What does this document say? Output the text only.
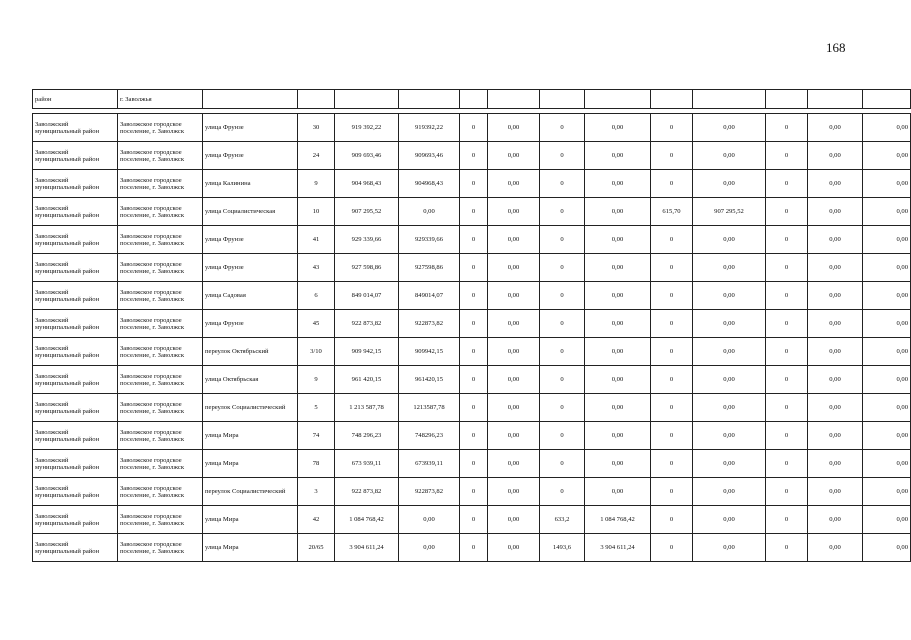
168
район	г. Заволжья													

Заволжский муниципальный район	Заволжское городское поселение, г. Заволжск	улица Фрунзе	30	919 392,22	919392,22	0	0,00	0	0,00	0	0,00	0	0,00	0,00
Заволжский муниципальный район	Заволжское городское поселение, г. Заволжск	улица Фрунзе	24	909 693,46	909693,46	0	0,00	0	0,00	0	0,00	0	0,00	0,00
Заволжский муниципальный район	Заволжское городское поселение, г. Заволжск	улица Калинина	9	904 968,43	904968,43	0	0,00	0	0,00	0	0,00	0	0,00	0,00
Заволжский муниципальный район	Заволжское городское поселение, г. Заволжск	улица Социалистическая	10	907 295,52	0,00	0	0,00	0	0,00	615,70	907 295,52	0	0,00	0,00
Заволжский муниципальный район	Заволжское городское поселение, г. Заволжск	улица Фрунзе	41	929 339,66	929339,66	0	0,00	0	0,00	0	0,00	0	0,00	0,00
Заволжский муниципальный район	Заволжское городское поселение, г. Заволжск	улица Фрунзе	43	927 598,86	927598,86	0	0,00	0	0,00	0	0,00	0	0,00	0,00
Заволжский муниципальный район	Заволжское городское поселение, г. Заволжск	улица Садовая	6	849 014,07	849014,07	0	0,00	0	0,00	0	0,00	0	0,00	0,00
Заволжский муниципальный район	Заволжское городское поселение, г. Заволжск	улица Фрунзе	45	922 873,82	922873,82	0	0,00	0	0,00	0	0,00	0	0,00	0,00
Заволжский муниципальный район	Заволжское городское поселение, г. Заволжск	переулок Октябрьский	3/10	909 942,15	909942,15	0	0,00	0	0,00	0	0,00	0	0,00	0,00
Заволжский муниципальный район	Заволжское городское поселение, г. Заволжск	улица Октябрьская	9	961 420,15	961420,15	0	0,00	0	0,00	0	0,00	0	0,00	0,00
Заволжский муниципальный район	Заволжское городское поселение, г. Заволжск	переулок Социалистический	5	1 213 587,78	1213587,78	0	0,00	0	0,00	0	0,00	0	0,00	0,00
Заволжский муниципальный район	Заволжское городское поселение, г. Заволжск	улица Мира	74	748 296,23	748296,23	0	0,00	0	0,00	0	0,00	0	0,00	0,00
Заволжский муниципальный район	Заволжское городское поселение, г. Заволжск	улица Мира	78	673 939,11	673939,11	0	0,00	0	0,00	0	0,00	0	0,00	0,00
Заволжский муниципальный район	Заволжское городское поселение, г. Заволжск	переулок Социалистический	3	922 873,82	922873,82	0	0,00	0	0,00	0	0,00	0	0,00	0,00
Заволжский муниципальный район	Заволжское городское поселение, г. Заволжск	улица Мира	42	1 084 768,42	0,00	0	0,00	633,2	1 084 768,42	0	0,00	0	0,00	0,00
Заволжский муниципальный район	Заволжское городское поселение, г. Заволжск	улица Мира	20/65	3 904 611,24	0,00	0	0,00	1493,6	3 904 611,24	0	0,00	0	0,00	0,00
